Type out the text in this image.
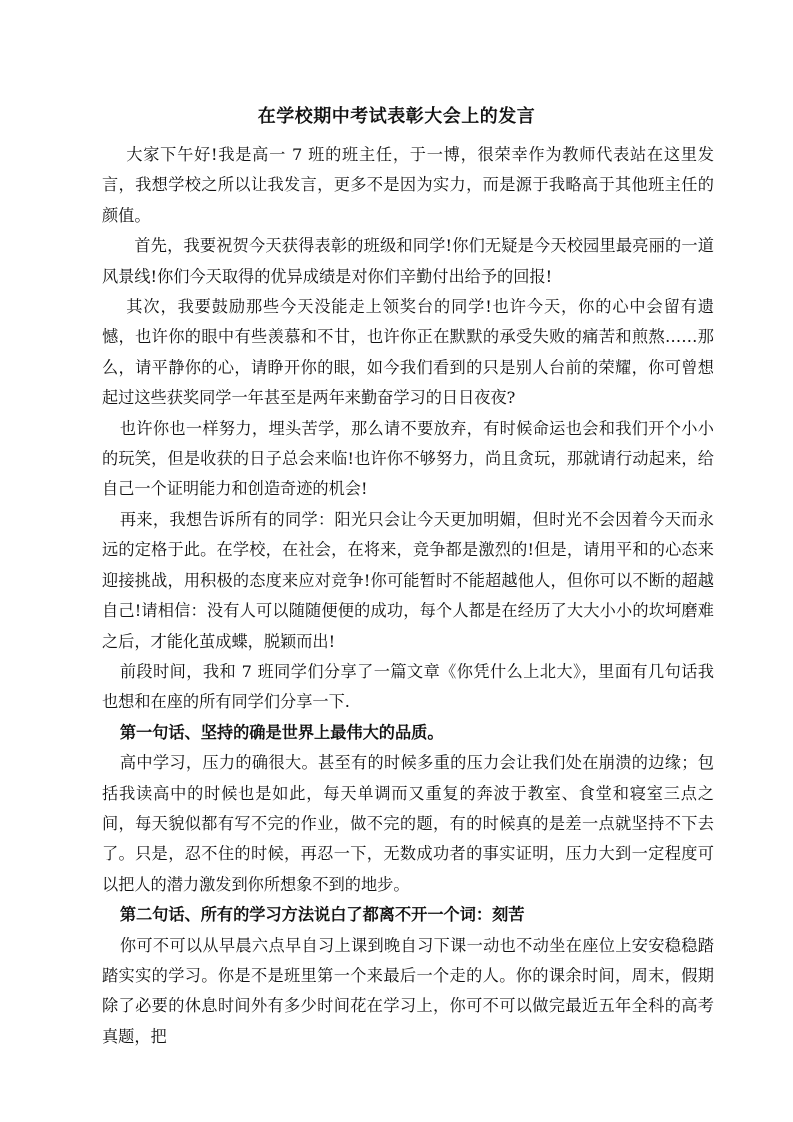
在学校期中考试表彰大会上的发言

大家下午好!我是高一 7 班的班主任，于一博，很荣幸作为教师代表站在这里发言，我想学校之所以让我发言，更多不是因为实力，而是源于我略高于其他班主任的颜值。

首先，我要祝贺今天获得表彰的班级和同学!你们无疑是今天校园里最亮丽的一道风景线!你们今天取得的优异成绩是对你们辛勤付出给予的回报!

其次，我要鼓励那些今天没能走上领奖台的同学!也许今天，你的心中会留有遗憾，也许你的眼中有些羡慕和不甘，也许你正在默默的承受失败的痛苦和煎熬……那么，请平静你的心，请睁开你的眼，如今我们看到的只是别人台前的荣耀，你可曾想起过这些获奖同学一年甚至是两年来勤奋学习的日日夜夜?

也许你也一样努力，埋头苦学，那么请不要放弃，有时候命运也会和我们开个小小的玩笑，但是收获的日子总会来临!也许你不够努力，尚且贪玩，那就请行动起来，给自己一个证明能力和创造奇迹的机会!

再来，我想告诉所有的同学：阳光只会让今天更加明媚，但时光不会因着今天而永远的定格于此。在学校，在社会，在将来，竞争都是激烈的!但是，请用平和的心态来迎接挑战，用积极的态度来应对竞争!你可能暂时不能超越他人，但你可以不断的超越自己!请相信：没有人可以随随便便的成功，每个人都是在经历了大大小小的坎坷磨难之后，才能化茧成蝶，脱颖而出!

前段时间，我和 7 班同学们分享了一篇文章《你凭什么上北大》，里面有几句话我也想和在座的所有同学们分享一下.

第一句话、坚持的确是世界上最伟大的品质。

高中学习，压力的确很大。甚至有的时候多重的压力会让我们处在崩溃的边缘；包括我读高中的时候也是如此，每天单调而又重复的奔波于教室、食堂和寝室三点之间，每天貌似都有写不完的作业，做不完的题，有的时候真的是差一点就坚持不下去了。只是，忍不住的时候，再忍一下，无数成功者的事实证明，压力大到一定程度可以把人的潜力激发到你所想象不到的地步。

第二句话、所有的学习方法说白了都离不开一个词：刻苦

你可不可以从早晨六点早自习上课到晚自习下课一动也不动坐在座位上安安稳稳踏踏实实的学习。你是不是班里第一个来最后一个走的人。你的课余时间，周末，假期除了必要的休息时间外有多少时间花在学习上，你可不可以做完最近五年全科的高考真题，把
